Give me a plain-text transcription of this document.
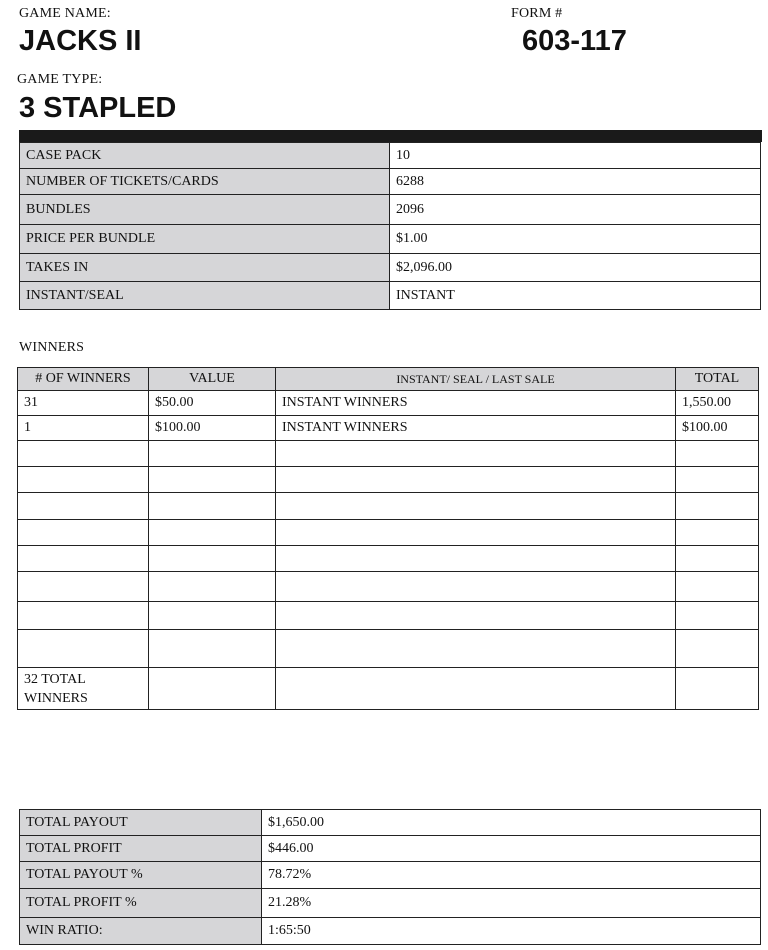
GAME NAME:
JACKS II
FORM #
603-117
GAME TYPE:
3 STAPLED
CASE PACK	10
NUMBER OF TICKETS/CARDS	6288
BUNDLES	2096
PRICE PER BUNDLE	$1.00
TAKES IN	$2,096.00
INSTANT/SEAL	INSTANT
WINNERS
# OF WINNERS	VALUE	INSTANT/ SEAL / LAST SALE	TOTAL
31	$50.00	INSTANT WINNERS	1,550.00
1	$100.00	INSTANT WINNERS	$100.00

32 TOTAL
WINNERS			
TOTAL PAYOUT	$1,650.00
TOTAL PROFIT	$446.00
TOTAL PAYOUT %	78.72%
TOTAL PROFIT %	21.28%
WIN RATIO:	1:65:50
